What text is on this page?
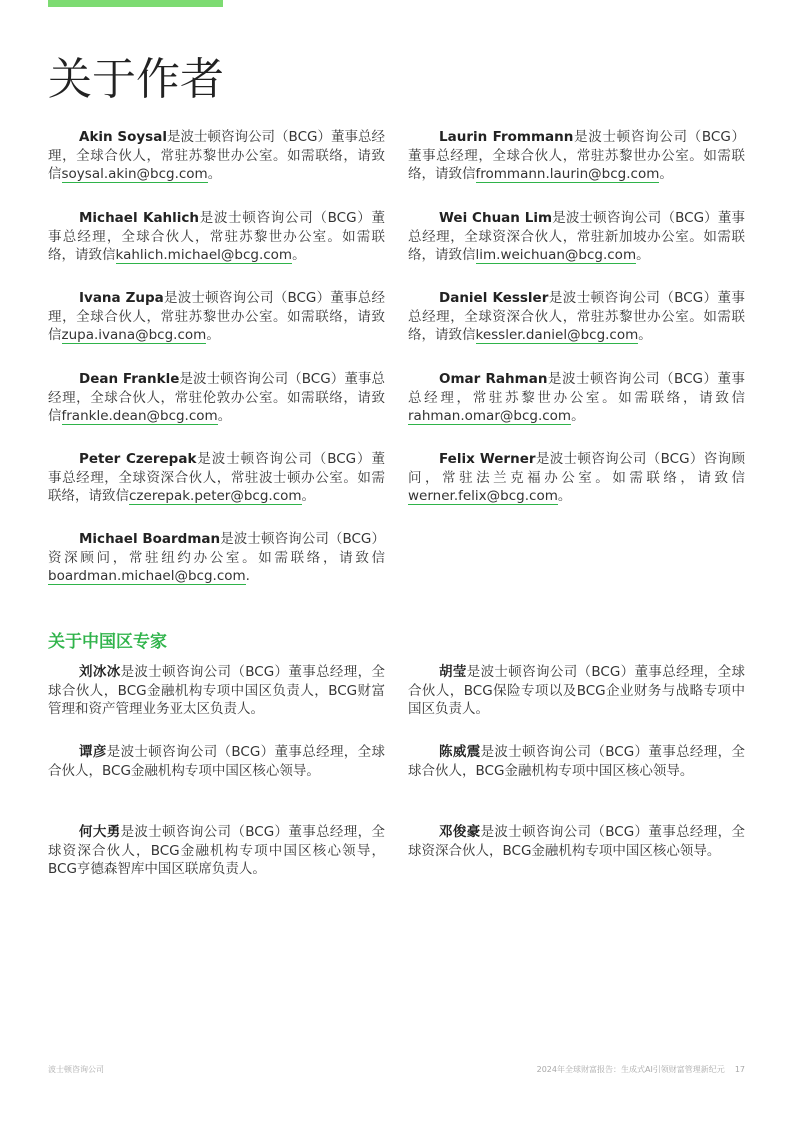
关于作者

Akin Soysal是波士顿咨询公司（BCG）董事总经理，全球合伙人，常驻苏黎世办公室。如需联络，请致信soysal.akin@bcg.com。

Michael Kahlich是波士顿咨询公司（BCG）董事总经理，全球合伙人，常驻苏黎世办公室。如需联络，请致信kahlich.michael@bcg.com。

Ivana Zupa是波士顿咨询公司（BCG）董事总经理，全球合伙人，常驻苏黎世办公室。如需联络，请致信zupa.ivana@bcg.com。

Dean Frankle是波士顿咨询公司（BCG）董事总经理，全球合伙人，常驻伦敦办公室。如需联络，请致信frankle.dean@bcg.com。

Peter Czerepak是波士顿咨询公司（BCG）董事总经理，全球资深合伙人，常驻波士顿办公室。如需联络，请致信czerepak.peter@bcg.com。

Michael Boardman是波士顿咨询公司（BCG）资深顾问，常驻纽约办公室。如需联络，请致信boardman.michael@bcg.com.

Laurin Frommann是波士顿咨询公司（BCG）董事总经理，全球合伙人，常驻苏黎世办公室。如需联络，请致信frommann.laurin@bcg.com。

Wei Chuan Lim是波士顿咨询公司（BCG）董事总经理，全球资深合伙人，常驻新加坡办公室。如需联络，请致信lim.weichuan@bcg.com。

Daniel Kessler是波士顿咨询公司（BCG）董事总经理，全球资深合伙人，常驻苏黎世办公室。如需联络，请致信kessler.daniel@bcg.com。

Omar Rahman是波士顿咨询公司（BCG）董事总经理，常驻苏黎世办公室。如需联络，请致信rahman.omar@bcg.com。

Felix Werner是波士顿咨询公司（BCG）咨询顾问，常驻法兰克福办公室。如需联络，请致信werner.felix@bcg.com。

关于中国区专家

刘冰冰是波士顿咨询公司（BCG）董事总经理，全球合伙人，BCG金融机构专项中国区负责人，BCG财富管理和资产管理业务亚太区负责人。

谭彦是波士顿咨询公司（BCG）董事总经理，全球合伙人，BCG金融机构专项中国区核心领导。

何大勇是波士顿咨询公司（BCG）董事总经理，全球资深合伙人，BCG金融机构专项中国区核心领导，BCG亨德森智库中国区联席负责人。

胡莹是波士顿咨询公司（BCG）董事总经理，全球合伙人，BCG保险专项以及BCG企业财务与战略专项中国区负责人。

陈威震是波士顿咨询公司（BCG）董事总经理，全球合伙人，BCG金融机构专项中国区核心领导。

邓俊豪是波士顿咨询公司（BCG）董事总经理，全球资深合伙人，BCG金融机构专项中国区核心领导。

波士顿咨询公司	2024年全球财富报告：生成式AI引领财富管理新纪元 17
